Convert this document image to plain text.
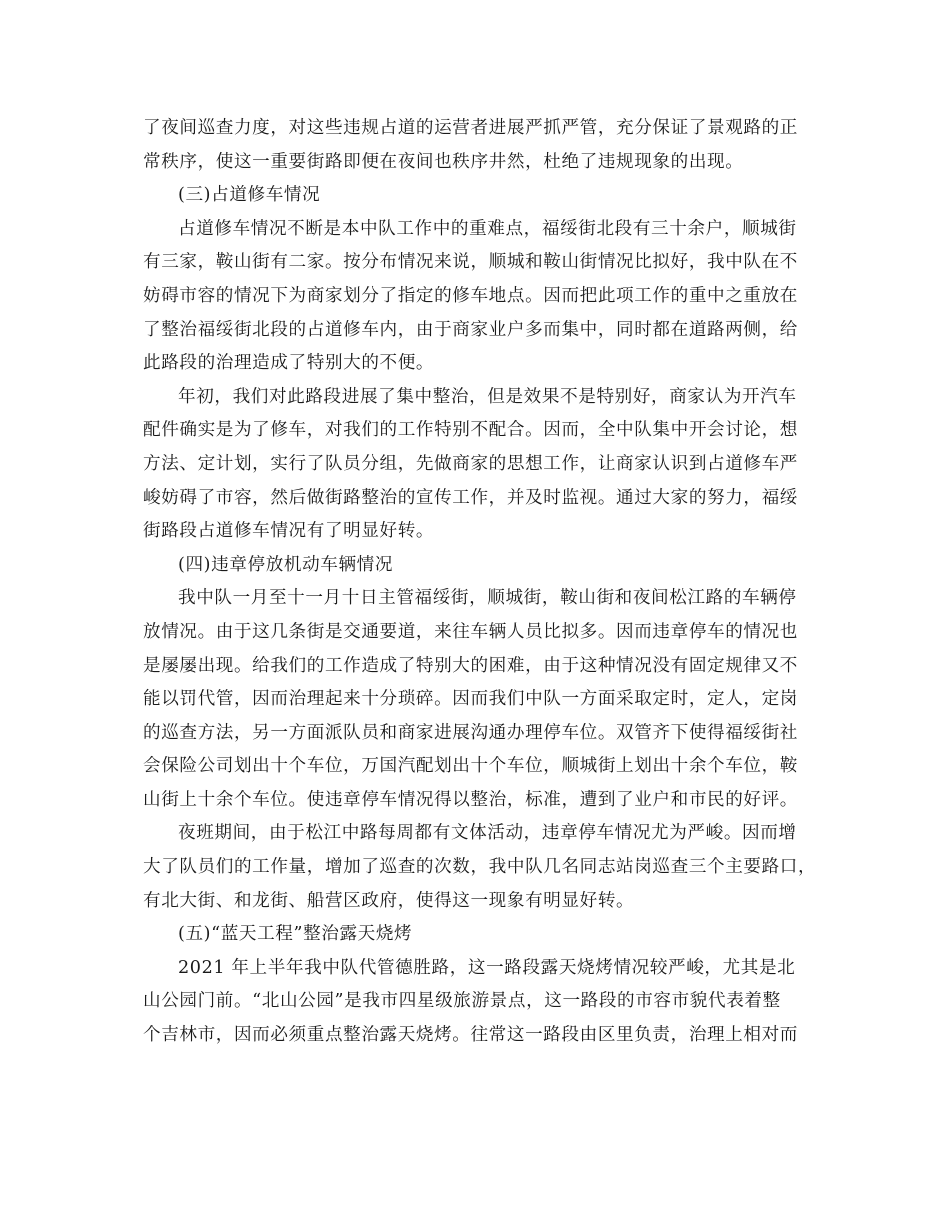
了夜间巡查力度，对这些违规占道的运营者进展严抓严管，充分保证了景观路的正
常秩序，使这一重要街路即便在夜间也秩序井然，杜绝了违规现象的出现。
(三)占道修车情况
占道修车情况不断是本中队工作中的重难点，福绥街北段有三十余户，顺城街
有三家，鞍山街有二家。按分布情况来说，顺城和鞍山街情况比拟好，我中队在不
妨碍市容的情况下为商家划分了指定的修车地点。因而把此项工作的重中之重放在
了整治福绥街北段的占道修车内，由于商家业户多而集中，同时都在道路两侧，给
此路段的治理造成了特别大的不便。
年初，我们对此路段进展了集中整治，但是效果不是特别好，商家认为开汽车
配件确实是为了修车，对我们的工作特别不配合。因而，全中队集中开会讨论，想
方法、定计划，实行了队员分组，先做商家的思想工作，让商家认识到占道修车严
峻妨碍了市容，然后做街路整治的宣传工作，并及时监视。通过大家的努力，福绥
街路段占道修车情况有了明显好转。
(四)违章停放机动车辆情况
我中队一月至十一月十日主管福绥街，顺城街，鞍山街和夜间松江路的车辆停
放情况。由于这几条街是交通要道，来往车辆人员比拟多。因而违章停车的情况也
是屡屡出现。给我们的工作造成了特别大的困难，由于这种情况没有固定规律又不
能以罚代管，因而治理起来十分琐碎。因而我们中队一方面采取定时，定人，定岗
的巡查方法，另一方面派队员和商家进展沟通办理停车位。双管齐下使得福绥街社
会保险公司划出十个车位，万国汽配划出十个车位，顺城街上划出十余个车位，鞍
山街上十余个车位。使违章停车情况得以整治，标准，遭到了业户和市民的好评。
夜班期间，由于松江中路每周都有文体活动，违章停车情况尤为严峻。因而增
大了队员们的工作量，增加了巡查的次数，我中队几名同志站岗巡查三个主要路口，
有北大街、和龙街、船营区政府，使得这一现象有明显好转。
(五)“蓝天工程”整治露天烧烤
2021 年上半年我中队代管德胜路，这一路段露天烧烤情况较严峻，尤其是北
山公园门前。“北山公园”是我市四星级旅游景点，这一路段的市容市貌代表着整
个吉林市，因而必须重点整治露天烧烤。往常这一路段由区里负责，治理上相对而
